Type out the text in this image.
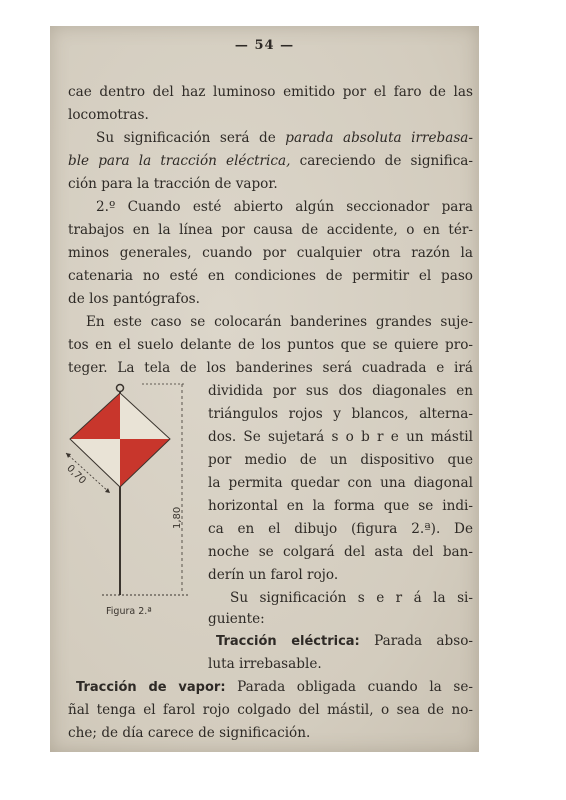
— 54 —
cae dentro del haz luminoso emitido por el faro de las
locomotras.
Su significación será de parada absoluta irrebasa-
ble para la tracción eléctrica, careciendo de significa-
ción para la tracción de vapor.
2.º Cuando esté abierto algún seccionador para
trabajos en la línea por causa de accidente, o en tér-
minos generales, cuando por cualquier otra razón la
catenaria no esté en condiciones de permitir el paso
de los pantógrafos.
En este caso se colocarán banderines grandes suje-
tos en el suelo delante de los puntos que se quiere pro-
teger. La tela de los banderines será cuadrada e irá
dividida por sus dos diagonales en
triángulos rojos y blancos, alterna-
dos. Se sujetará s o b r e un mástil
por medio de un dispositivo que
la permita quedar con una diagonal
horizontal en la forma que se indi-
ca en el dibujo (figura 2.ª). De
noche se colgará del asta del ban-
derín un farol rojo.
Su significación s e r á la si-
guiente:
Tracción eléctrica: Parada abso-
luta irrebasable.
Tracción de vapor: Parada obligada cuando la se-
ñal tenga el farol rojo colgado del mástil, o sea de no-
che; de día carece de significación.
0,70
1,80
Figura 2.ª
